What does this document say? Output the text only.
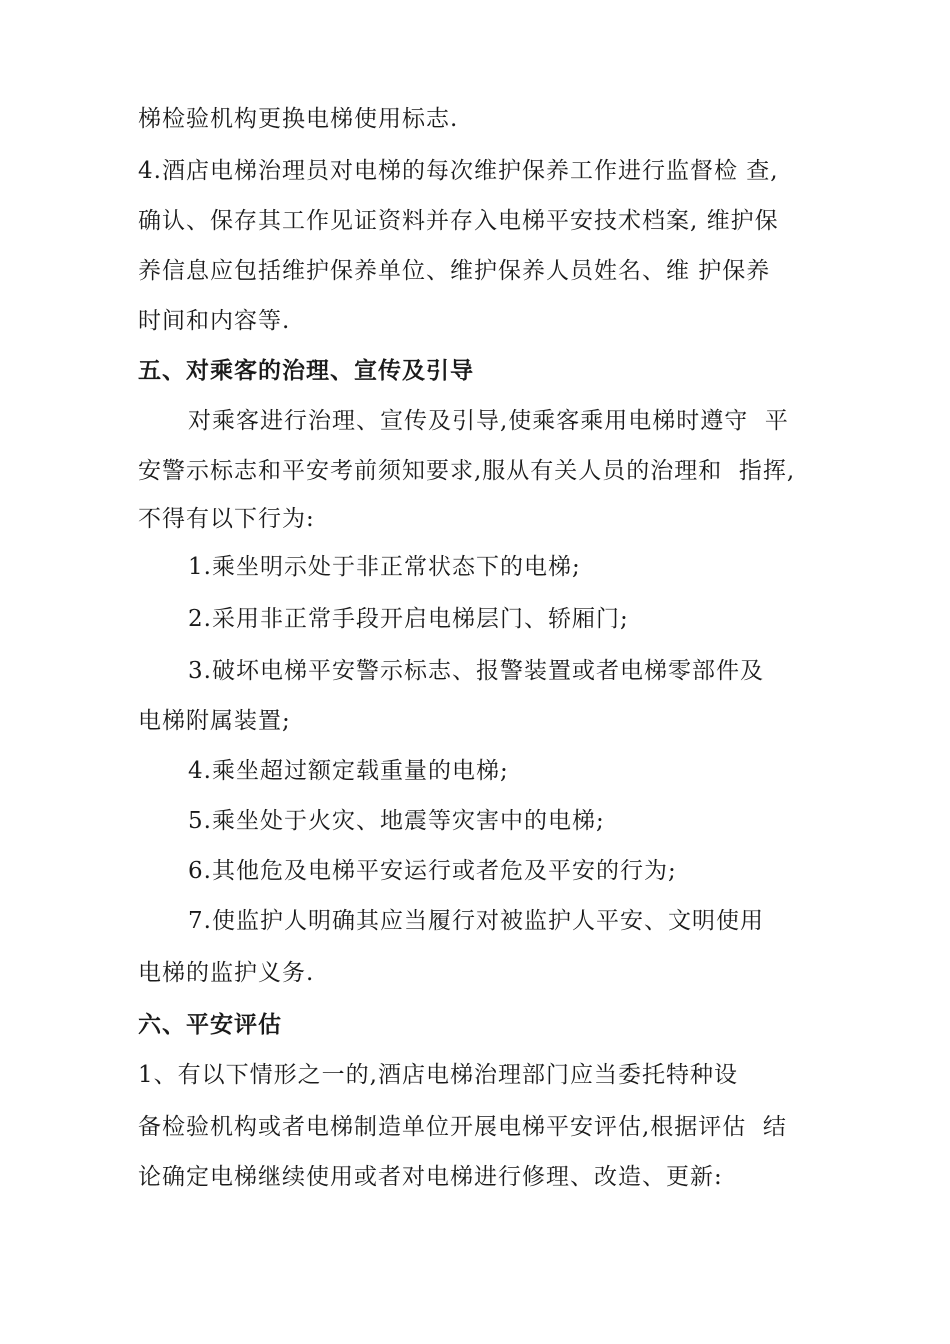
梯检验机构更换电梯使用标志.
4.酒店电梯治理员对电梯的每次维护保养工作进行监督检 查,
确认、保存其工作见证资料并存入电梯平安技术档案, 维护保
养信息应包括维护保养单位、维护保养人员姓名、维 护保养
时间和内容等.
五、对乘客的治理、宣传及引导
对乘客进行治理、宣传及引导,使乘客乘用电梯时遵守  平
安警示标志和平安考前须知要求,服从有关人员的治理和  指挥,
不得有以下行为:
1.乘坐明示处于非正常状态下的电梯;
2.采用非正常手段开启电梯层门、轿厢门;
3.破坏电梯平安警示标志、报警装置或者电梯零部件及
电梯附属装置;
4.乘坐超过额定载重量的电梯;
5.乘坐处于火灾、地震等灾害中的电梯;
6.其他危及电梯平安运行或者危及平安的行为;
7.使监护人明确其应当履行对被监护人平安、文明使用
电梯的监护义务.
六、平安评估
1、有以下情形之一的,酒店电梯治理部门应当委托特种设
备检验机构或者电梯制造单位开展电梯平安评估,根据评估  结
论确定电梯继续使用或者对电梯进行修理、改造、更新:
